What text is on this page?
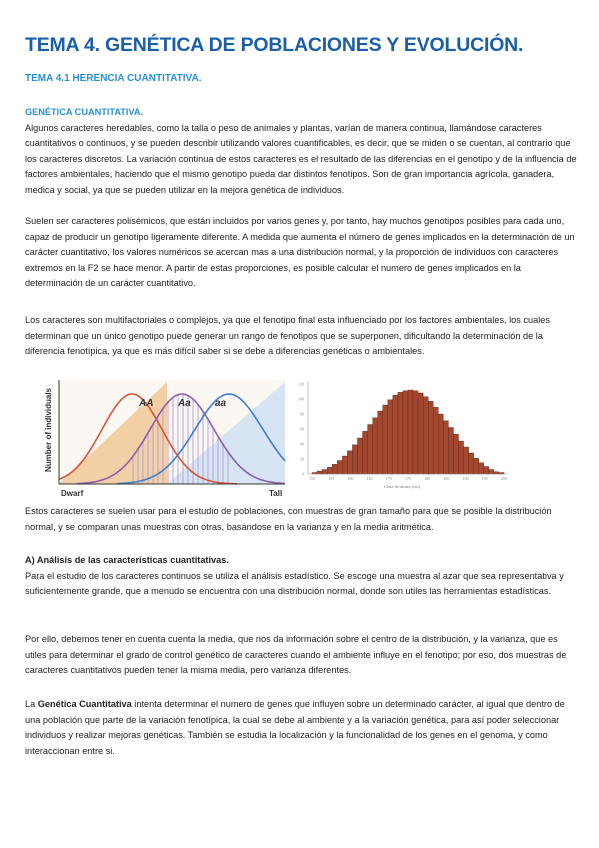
TEMA 4. GENÉTICA DE POBLACIONES Y EVOLUCIÓN.
TEMA 4.1 HERENCIA CUANTITATIVA.
GENÉTICA CUANTITATIVA.

Algunos caracteres heredables, como la talla o peso de animales y plantas, varían de manera continua, llamándose caracteres cuantitativos o continuos, y se pueden describir utilizando valores cuantificables, es decir, que se miden o se cuentan, al contrario que los caracteres discretos. La variación continua de estos caracteres es el resultado de las diferencias en el genotipo y de la influencia de factores ambientales, haciendo que el mismo genotipo pueda dar distintos fenotipos. Son de gran importancia agrícola, ganadera, medica y social, ya que se pueden utilizar en la mejora genética de individuos.

Suelen ser caracteres polisémicos, que están incluidos por varios genes y, por tanto, hay muchos genotipos posibles para cada uno, capaz de producir un genotipo ligeramente diferente. A medida que aumenta el número de genes implicados en la determinación de un carácter cuantitativo, los valores numéricos se acercan mas a una distribución normal, y la proporción de individuos con caracteres extremos en la F2 se hace menor. A partir de estas proporciones, es posible calcular el numero de genes implicados en la determinación de un carácter cuantitativo.

Los caracteres son multifactoriales o complejos, ya que el fenotipo final esta influenciado por los factores ambientales, los cuales determinan que un único genotipo puede generar un rango de fenotipos que se superponen, dificultando la determinación de la diferencia fenotípica, ya que es más difícil saber si se debe a diferencias genéticas o ambientales.

AA Aa aa
Number of individuals
Dwarf	Tall
120
100
80
60
40
20
0
150	155	160	165	170	175	180	185	190	195	200
Clase de altura (cm)

Estos caracteres se suelen usar para el estudio de poblaciones, con muestras de gran tamaño para que se posible la distribución normal, y se comparan unas muestras con otras, basándose en la varianza y en la media aritmética.

A) Análisis de las características cuantitativas.

Para el estudio de los caracteres continuos se utiliza el análisis estadístico. Se escoge una muestra al azar que sea representativa y suficientemente grande, que a menudo se encuentra con una distribución normal, donde son utiles las herramientas estadísticas.

Por ello, debemos tener en cuenta cuenta la media, que nos da información sobre el centro de la distribución, y la varianza, que es utiles para determinar el grado de control genético de caracteres cuando el ambiente influye en el fenotipo; por eso, dos muestras de caracteres cuantitativos pueden tener la misma media, pero varianza diferentes.

La Genética Cuantitativa intenta determinar el numero de genes que influyen sobre un determinado carácter, al igual que dentro de una población que parte de la variación fenotípica, la cual se debe al ambiente y a la variación genética, para así poder seleccionar individuos y realizar mejoras genéticas. También se estudia la localización y la funcionalidad de los genes en el genoma, y como interaccionan entre si.
